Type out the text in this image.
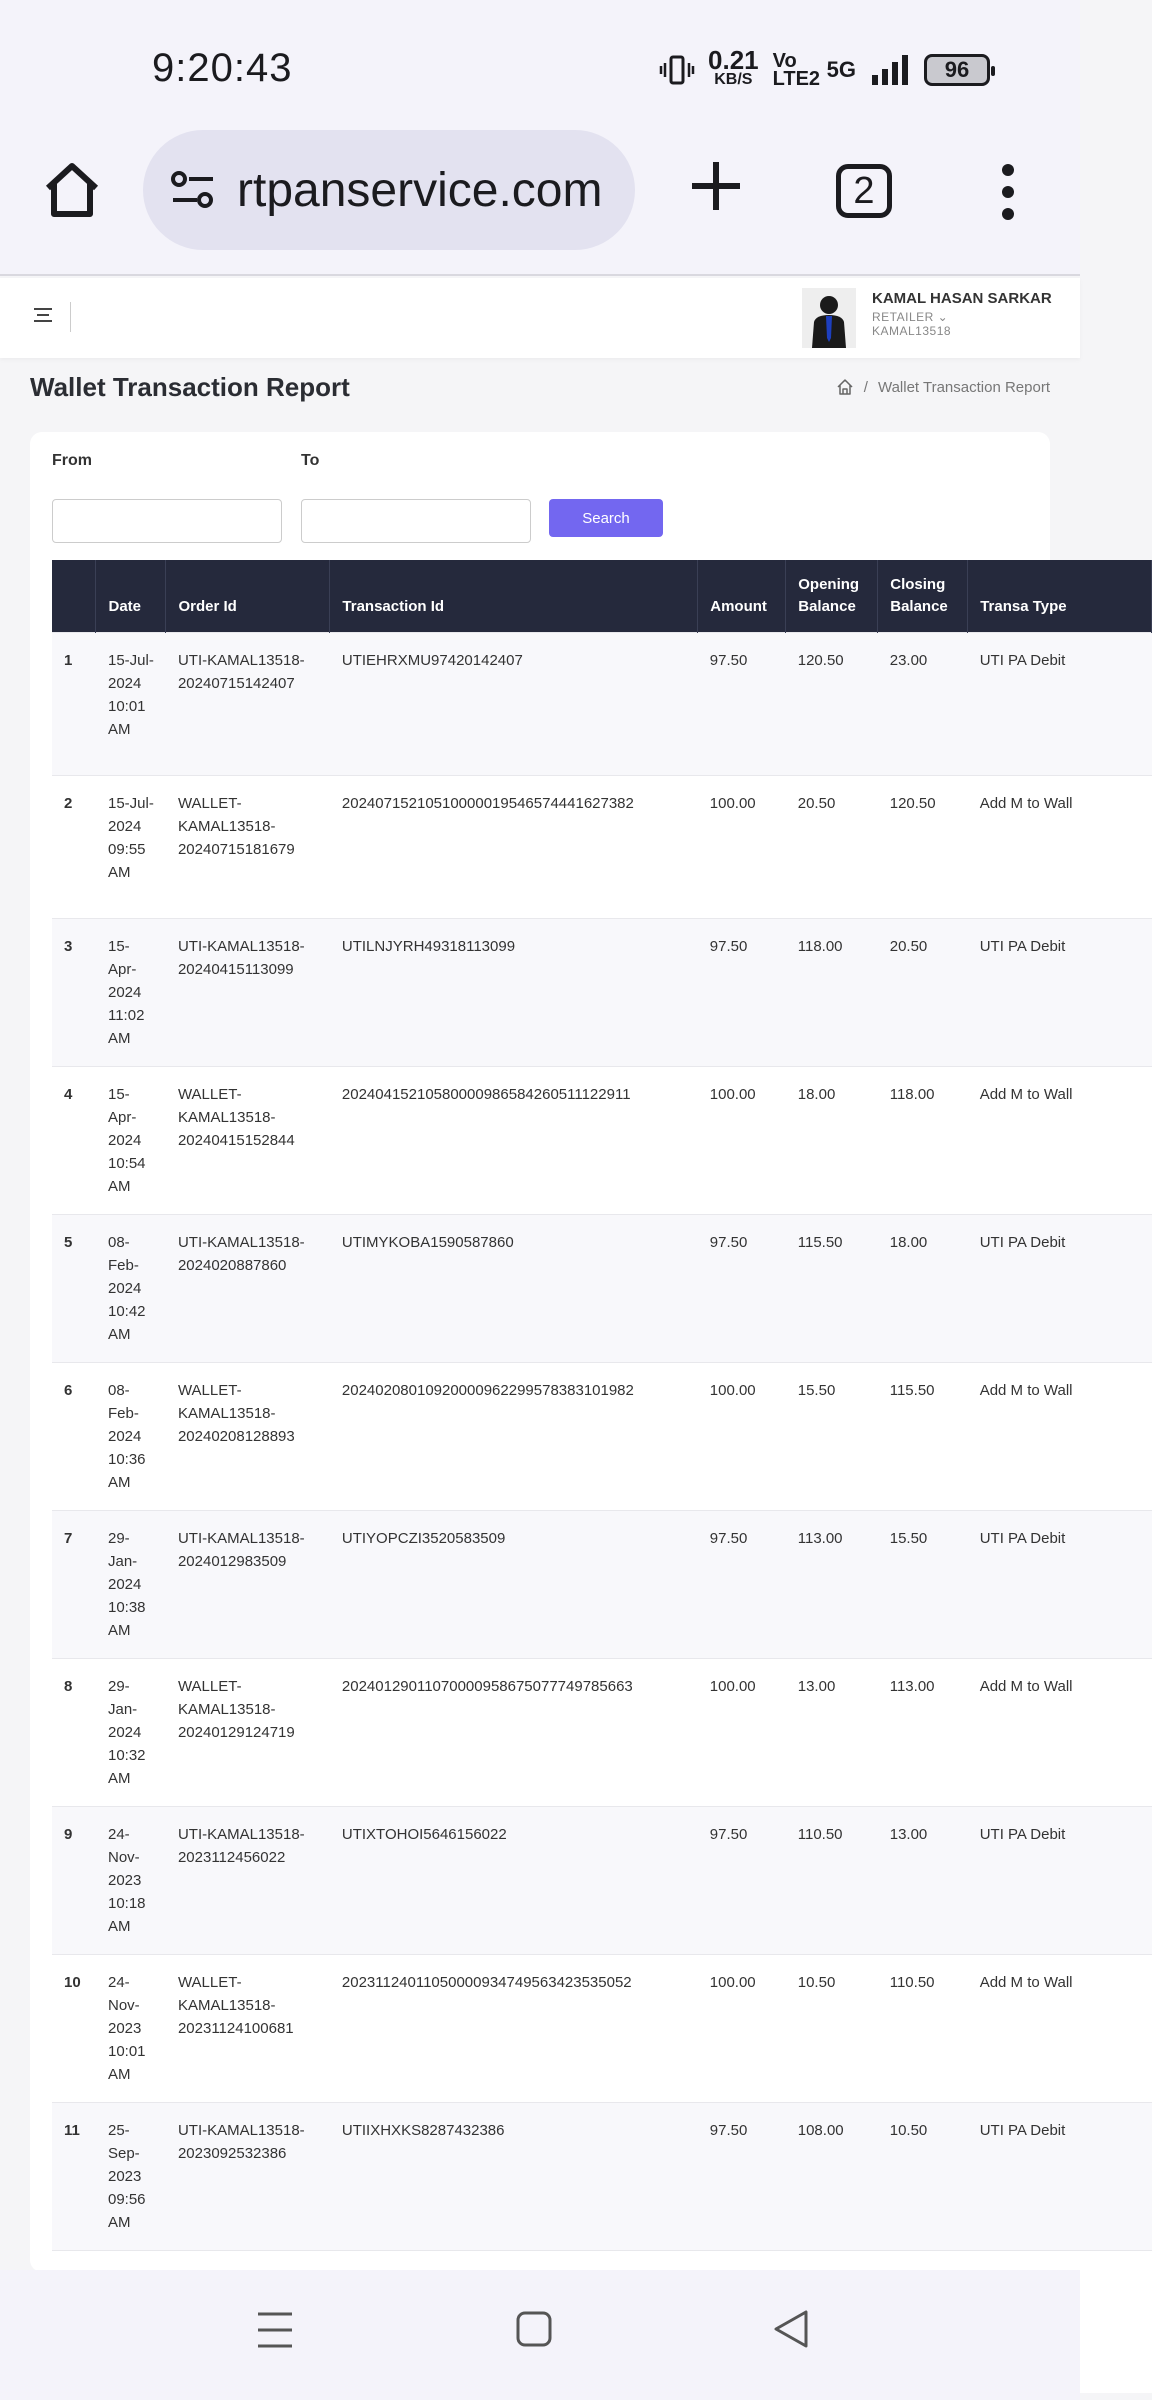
9:20:43	0.21
KB/S
Vo LTE2 5G	96
rtpanservice.com	2
KAMAL HASAN SARKAR
RETAILER ⌄
KAMAL13518
Wallet Transaction Report	/ Wallet Transaction Report
From	To
Search
	Date	Order Id	Transaction Id	Amount	Opening Balance	Closing Balance	Transa Type
1	15-Jul-2024 10:01 AM	UTI-KAMAL13518-20240715142407	UTIEHRXMU97420142407	97.50	120.50	23.00	UTI PA Debit
2	15-Jul-2024 09:55 AM	WALLET-KAMAL13518-20240715181679	20240715210510000019546574441627382	100.00	20.50	120.50	Add M to Wall
3	15-Apr-2024 11:02 AM	UTI-KAMAL13518-20240415113099	UTILNJYRH49318113099	97.50	118.00	20.50	UTI PA Debit
4	15-Apr-2024 10:54 AM	WALLET-KAMAL13518-20240415152844	20240415210580000986584260511122911	100.00	18.00	118.00	Add M to Wall
5	08-Feb-2024 10:42 AM	UTI-KAMAL13518-2024020887860	UTIMYKOBA1590587860	97.50	115.50	18.00	UTI PA Debit
6	08-Feb-2024 10:36 AM	WALLET-KAMAL13518-20240208128893	20240208010920000962299578383101982	100.00	15.50	115.50	Add M to Wall
7	29-Jan-2024 10:38 AM	UTI-KAMAL13518-2024012983509	UTIYOPCZI3520583509	97.50	113.00	15.50	UTI PA Debit
8	29-Jan-2024 10:32 AM	WALLET-KAMAL13518-20240129124719	20240129011070000958675077749785663	100.00	13.00	113.00	Add M to Wall
9	24-Nov-2023 10:18 AM	UTI-KAMAL13518-2023112456022	UTIXTOHOI5646156022	97.50	110.50	13.00	UTI PA Debit
10	24-Nov-2023 10:01 AM	WALLET-KAMAL13518-20231124100681	20231124011050000934749563423535052	100.00	10.50	110.50	Add M to Wall
11	25-Sep-2023 09:56 AM	UTI-KAMAL13518-2023092532386	UTIIXHXKS8287432386	97.50	108.00	10.50	UTI PA Debit
